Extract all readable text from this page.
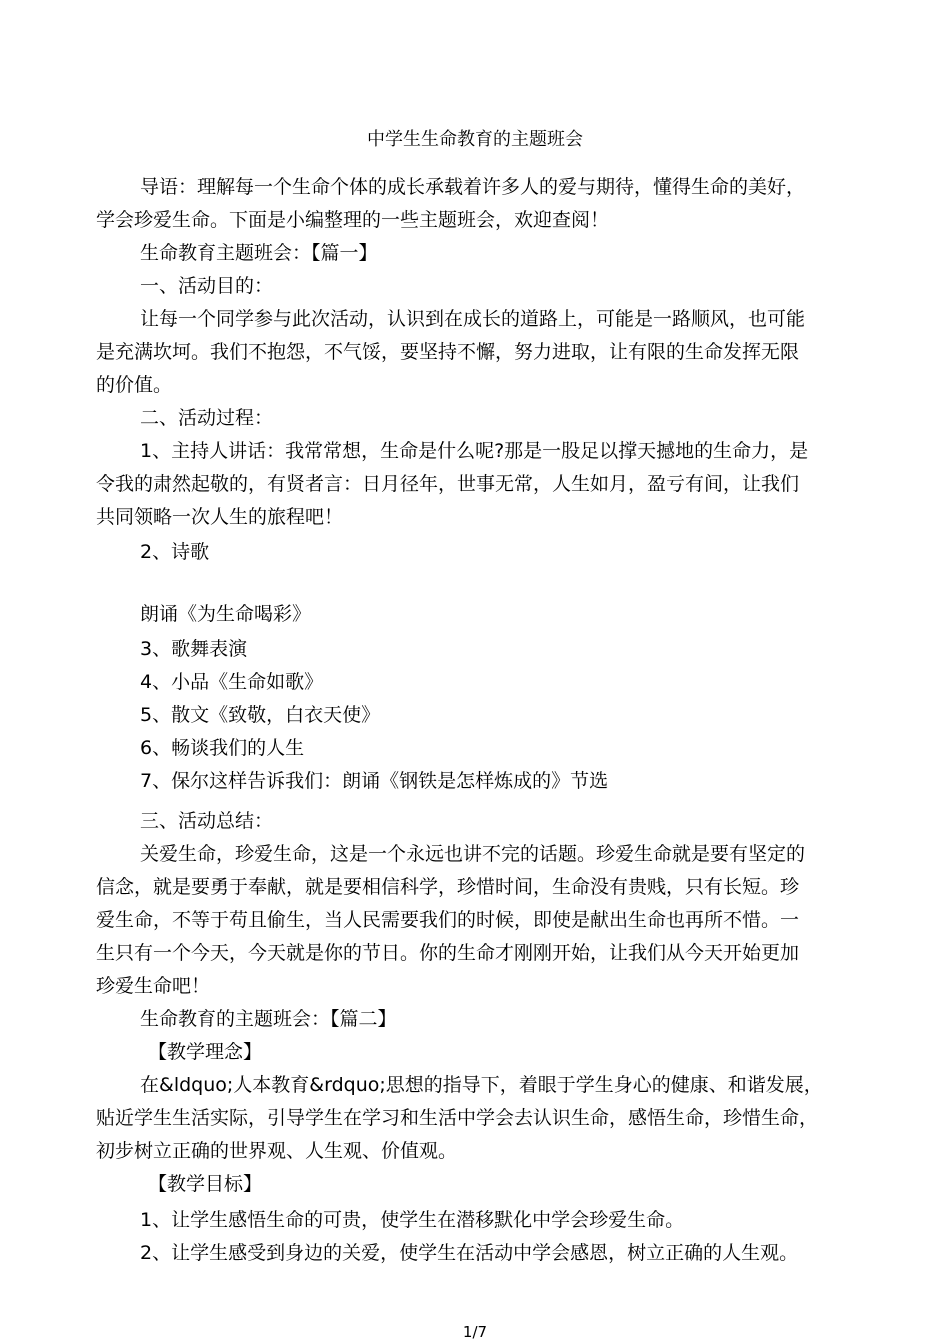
中学生生命教育的主题班会
导语：理解每一个生命个体的成长承载着许多人的爱与期待，懂得生命的美好，
学会珍爱生命。下面是小编整理的一些主题班会，欢迎查阅！
生命教育主题班会：【篇一】
一、活动目的：
让每一个同学参与此次活动，认识到在成长的道路上，可能是一路顺风，也可能
是充满坎坷。我们不抱怨，不气馁，要坚持不懈，努力进取，让有限的生命发挥无限
的价值。
二、活动过程：
1、主持人讲话：我常常想，生命是什么呢?那是一股足以撑天撼地的生命力，是
令我的肃然起敬的，有贤者言：日月径年，世事无常，人生如月，盈亏有间，让我们
共同领略一次人生的旅程吧！
2、诗歌
朗诵《为生命喝彩》
3、歌舞表演
4、小品《生命如歌》
5、散文《致敬，白衣天使》
6、畅谈我们的人生
7、保尔这样告诉我们：朗诵《钢铁是怎样炼成的》节选
三、活动总结：
关爱生命，珍爱生命，这是一个永远也讲不完的话题。珍爱生命就是要有坚定的
信念，就是要勇于奉献，就是要相信科学，珍惜时间，生命没有贵贱，只有长短。珍
爱生命，不等于苟且偷生，当人民需要我们的时候，即使是献出生命也再所不惜。一
生只有一个今天，今天就是你的节日。你的生命才刚刚开始，让我们从今天开始更加
珍爱生命吧！
生命教育的主题班会：【篇二】
【教学理念】
在&ldquo;人本教育&rdquo;思想的指导下，着眼于学生身心的健康、和谐发展，
贴近学生生活实际，引导学生在学习和生活中学会去认识生命，感悟生命，珍惜生命，
初步树立正确的世界观、人生观、价值观。
【教学目标】
1、让学生感悟生命的可贵，使学生在潜移默化中学会珍爱生命。
2、让学生感受到身边的关爱，使学生在活动中学会感恩，树立正确的人生观。
1/7
